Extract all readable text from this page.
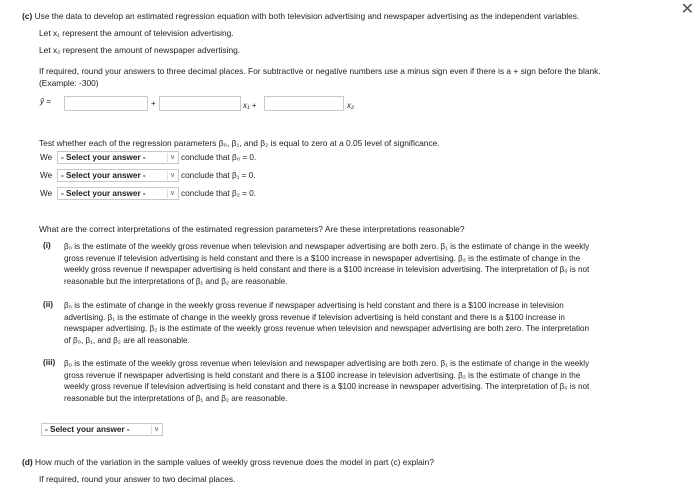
✕
(c) Use the data to develop an estimated regression equation with both television advertising and newspaper advertising as the independent variables.
Let x₁ represent the amount of television advertising.
Let x₂ represent the amount of newspaper advertising.
If required, round your answers to three decimal places. For subtractive or negative numbers use a minus sign even if there is a + sign before the blank.
(Example: -300)
ŷ =	+	x₁ +	x₂
Test whether each of the regression parameters β₀, β₁, and β₂ is equal to zero at a 0.05 level of significance.
We	- Select your answer -	∨ conclude that β₀ = 0.
We	- Select your answer -	∨ conclude that β₁ = 0.
We	- Select your answer -	∨ conclude that β₂ = 0.
What are the correct interpretations of the estimated regression parameters? Are these interpretations reasonable?
(i) β₀ is the estimate of the weekly gross revenue when television and newspaper advertising are both zero. β₁ is the estimate of change in the weekly
gross revenue if television advertising is held constant and there is a $100 increase in newspaper advertising. β₂ is the estimate of change in the
weekly gross revenue if newspaper advertising is held constant and there is a $100 increase in television advertising. The interpretation of β₀ is not
reasonable but the interpretations of β₁ and β₂ are reasonable.
(ii) β₀ is the estimate of change in the weekly gross revenue if newspaper advertising is held constant and there is a $100 increase in television
advertising. β₁ is the estimate of change in the weekly gross revenue if television advertising is held constant and there is a $100 increase in
newspaper advertising. β₂ is the estimate of the weekly gross revenue when television and newspaper advertising are both zero. The interpretation
of β₀, β₁, and β₂ are all reasonable.
(iii) β₀ is the estimate of the weekly gross revenue when television and newspaper advertising are both zero. β₁ is the estimate of change in the weekly
gross revenue if newspaper advertising is held constant and there is a $100 increase in television advertising. β₂ is the estimate of change in the
weekly gross revenue if television advertising is held constant and there is a $100 increase in newspaper advertising. The interpretation of β₀ is not
reasonable but the interpretations of β₁ and β₂ are reasonable.
- Select your answer -	∨
(d) How much of the variation in the sample values of weekly gross revenue does the model in part (c) explain?
If required, round your answer to two decimal places.
